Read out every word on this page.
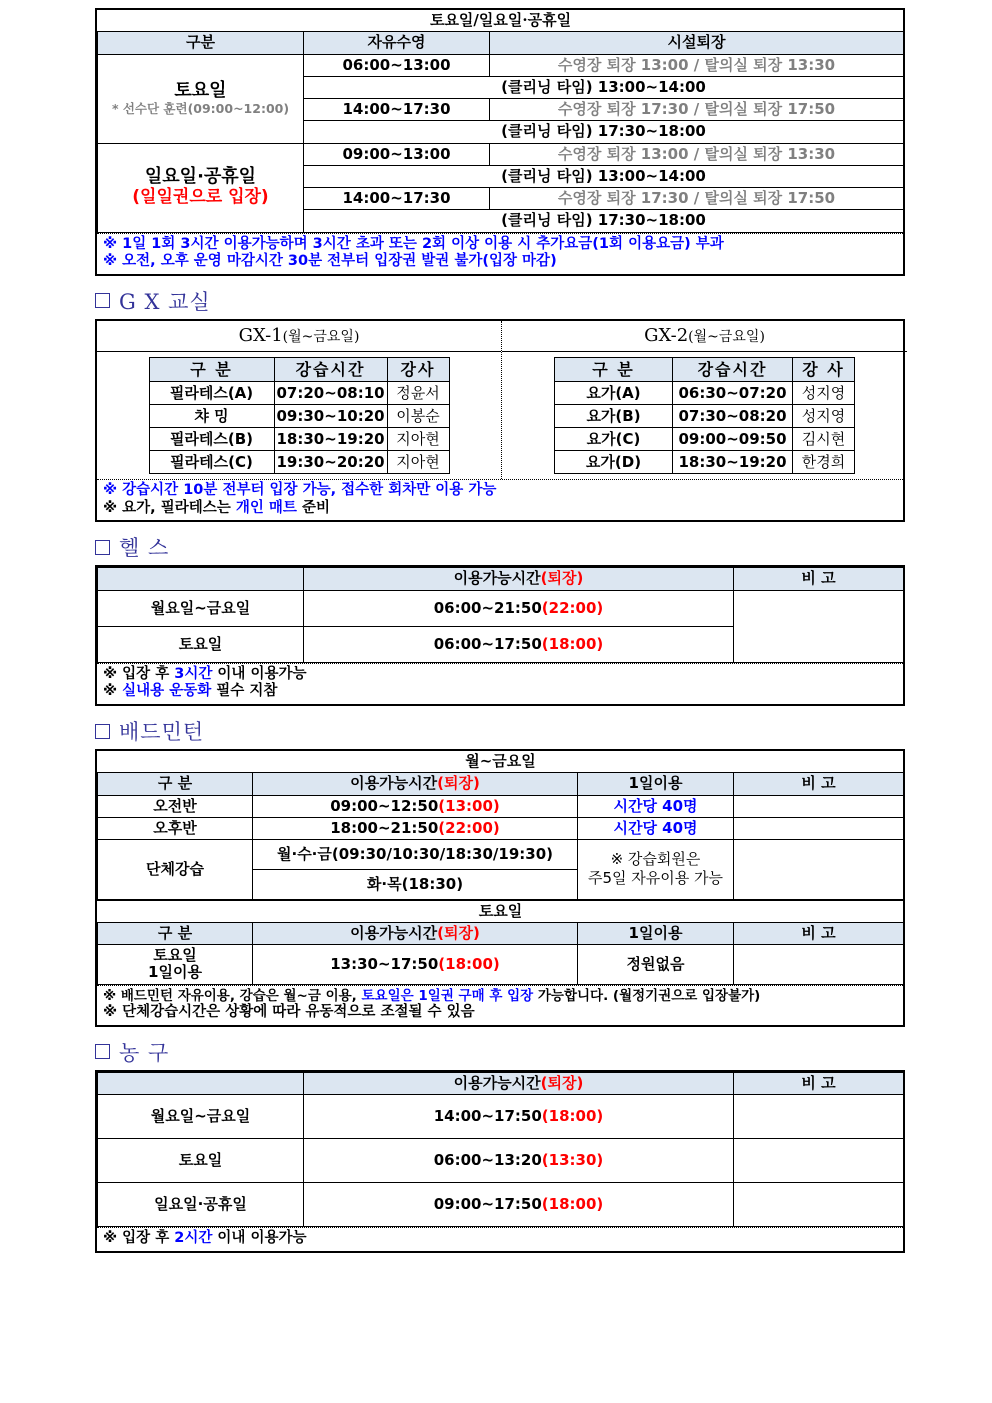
토요일/일요일·공휴일		
구분	자유수영	시설퇴장

토요일
* 선수단 훈련(09:00~12:00)	06:00~13:00	수영장 퇴장 13:00 / 탈의실 퇴장 13:30
	(클리닝 타임) 13:00~14:00	
	14:00~17:30	수영장 퇴장 17:30 / 탈의실 퇴장 17:50
	(클리닝 타임) 17:30~18:00	

일요일·공휴일
(일일권으로 입장)	09:00~13:00	수영장 퇴장 13:00 / 탈의실 퇴장 13:30
	(클리닝 타임) 13:00~14:00	
	14:00~17:30	수영장 퇴장 17:30 / 탈의실 퇴장 17:50
	(클리닝 타임) 17:30~18:00	
※ 1일 1회 3시간 이용가능하며 3시간 초과 또는 2회 이상 이용 시 추가요금(1회 이용요금) 부과
※ 오전, 오후 운영 마감시간 30분 전부터 입장권 발권 불가(입장 마감)
G X 교실
GX-1(월~금요일)
구 분	강습시간	강사
필라테스(A)	07:20~08:10	정윤서
챠 밍	09:30~10:20	이봉순
필라테스(B)	18:30~19:20	지아현
필라테스(C)	19:30~20:20	지아현
GX-2(월~금요일)
구 분	강습시간	강 사
요가(A)	06:30~07:20	성지영
요가(B)	07:30~08:20	성지영
요가(C)	09:00~09:50	김시현
요가(D)	18:30~19:20	한경희
※ 강습시간 10분 전부터 입장 가능, 접수한 회차만 이용 가능
※ 요가, 필라테스는 개인 매트 준비
헬 스
	이용가능시간(퇴장)	비 고
월요일~금요일	06:00~21:50(22:00)	
토요일	06:00~17:50(18:00)	
※ 입장 후 3시간 이내 이용가능
※ 실내용 운동화 필수 지참
배드민턴
월~금요일			
구 분	이용가능시간(퇴장)	1일이용	비 고
오전반	09:00~12:50(13:00)	시간당 40명	
오후반	18:00~21:50(22:00)	시간당 40명	
단체강습	월·수·금(09:30/10:30/18:30/19:30)	※ 강습회원은
주5일 자유이용 가능	

	화·목(18:30)		
토요일			
구 분	이용가능시간(퇴장)	1일이용	비 고

토요일
1일이용	13:30~17:50(18:00)	정원없음	
※ 배드민턴 자유이용, 강습은 월~금 이용, 토요일은 1일권 구매 후 입장 가능합니다. (월정기권으로 입장불가)
※ 단체강습시간은 상황에 따라 유동적으로 조절될 수 있음
농 구
	이용가능시간(퇴장)	비 고
월요일~금요일	14:00~17:50(18:00)	
토요일	06:00~13:20(13:30)	
일요일·공휴일	09:00~17:50(18:00)	
※ 입장 후 2시간 이내 이용가능
